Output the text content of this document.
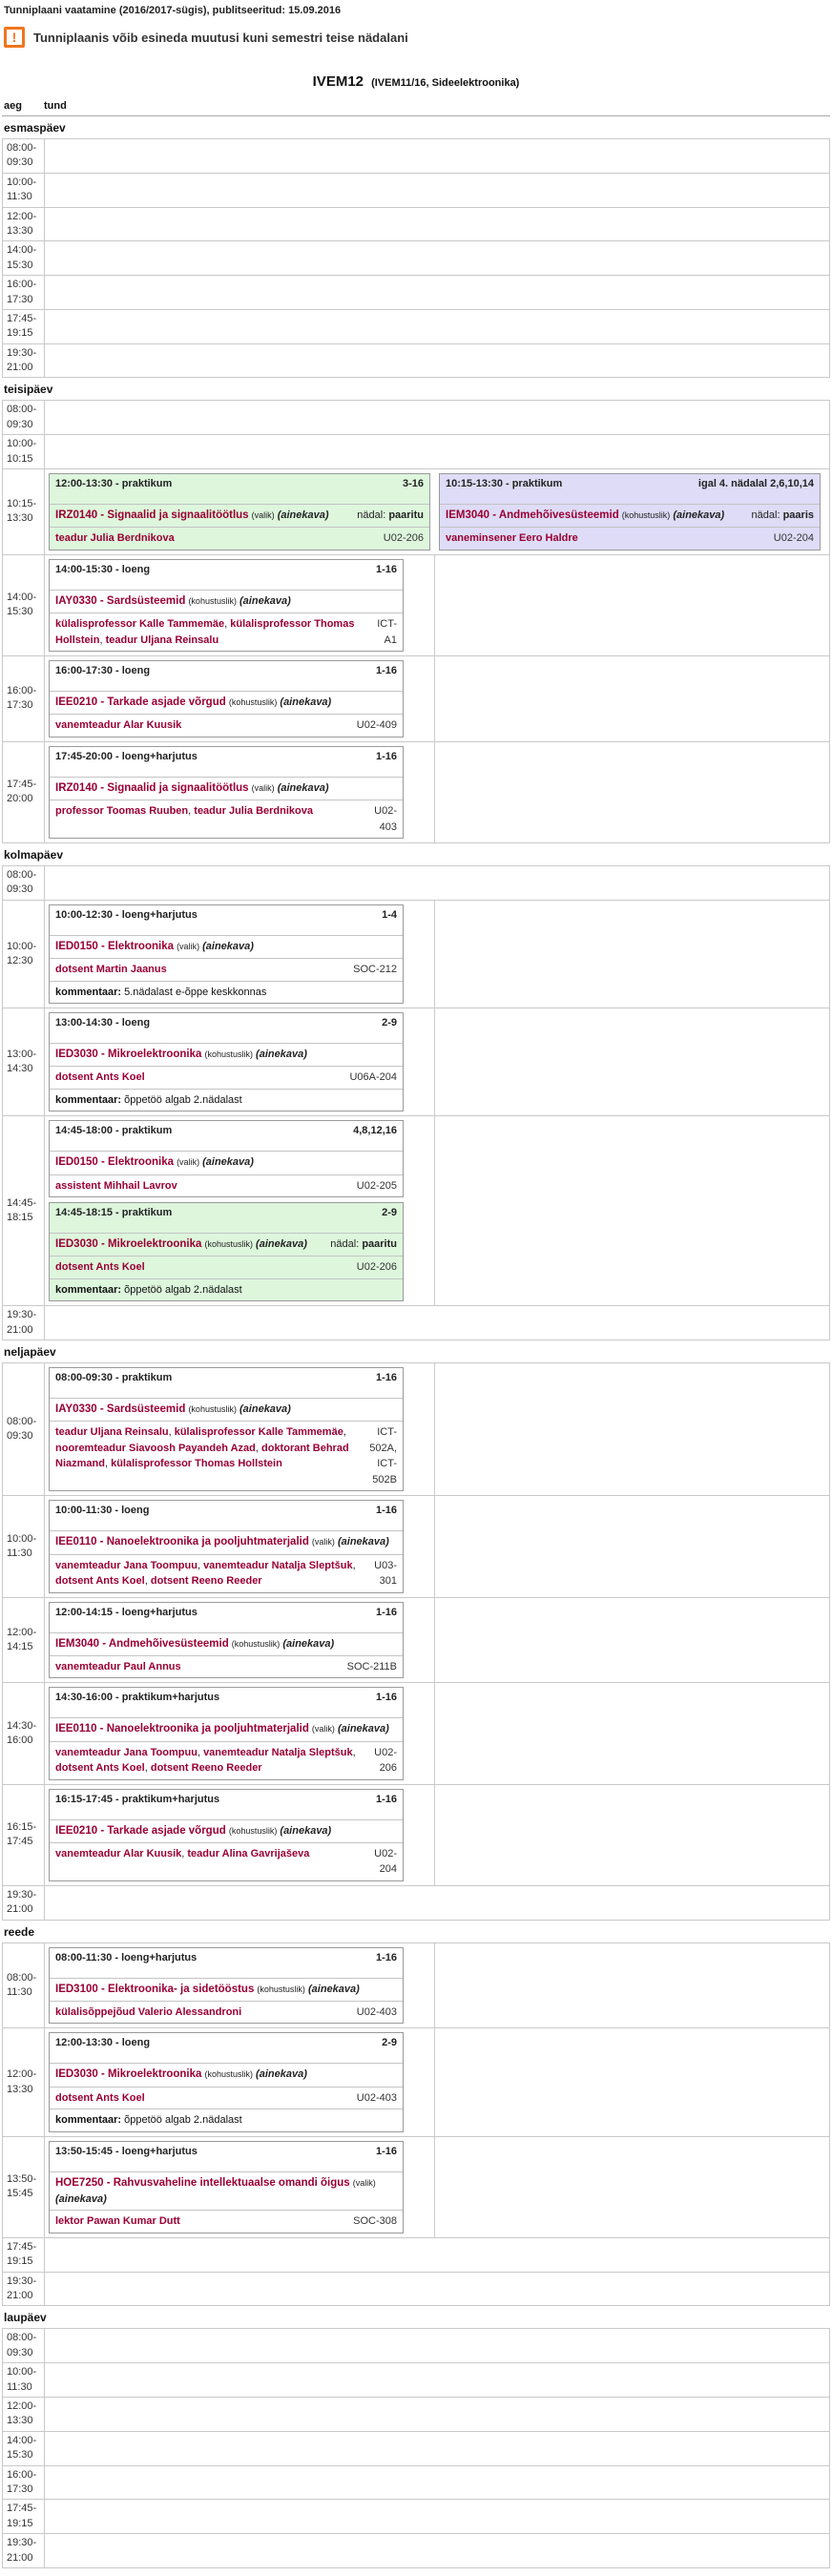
Tunniplaani vaatamine (2016/2017-sügis), publitseeritud: 15.09.2016
!	Tunniplaanis võib esineda muutusi kuni semestri teise nädalani
IVEM12 (IVEM11/16, Sideelektroonika)
aeg	tund
esmaspäev
08:00-
09:30
10:00-
11:30
12:00-
13:30
14:00-
15:30
16:00-
17:30
17:45-
19:15
19:30-
21:00
teisipäev
08:00-
09:30
10:00-
10:15
10:15-
13:30
12:00-13:30 - praktikum	3-16
IRZ0140 - Signaalid ja signaalitöötlus (valik) (ainekava)	nädal: paaritu
teadur Julia Berdnikova	U02-206
10:15-13:30 - praktikum	igal 4. nädalal 2,6,10,14
IEM3040 - Andmehõivesüsteemid (kohustuslik) (ainekava)	nädal: paaris
vaneminsener Eero Haldre	U02-204
14:00-
15:30
14:00-15:30 - loeng	1-16
IAY0330 - Sardsüsteemid (kohustuslik) (ainekava)
külalisprofessor Kalle Tammemäe, külalisprofessor Thomas Hollstein, teadur Uljana Reinsalu
ICT-A1
16:00-
17:30
16:00-17:30 - loeng	1-16
IEE0210 - Tarkade asjade võrgud (kohustuslik) (ainekava)
vanemteadur Alar Kuusik	U02-409
17:45-
20:00
17:45-20:00 - loeng+harjutus	1-16
IRZ0140 - Signaalid ja signaalitöötlus (valik) (ainekava)
professor Toomas Ruuben, teadur Julia Berdnikova	U02-403
kolmapäev
08:00-
09:30
10:00-
12:30
10:00-12:30 - loeng+harjutus	1-4
IED0150 - Elektroonika (valik) (ainekava)
dotsent Martin Jaanus	SOC-212
kommentaar: 5.nädalast e-õppe keskkonnas
13:00-
14:30
13:00-14:30 - loeng	2-9
IED3030 - Mikroelektroonika (kohustuslik) (ainekava)
dotsent Ants Koel	U06A-204
kommentaar: õppetöö algab 2.nädalast
14:45-
18:15
14:45-18:00 - praktikum	4,8,12,16
IED0150 - Elektroonika (valik) (ainekava)
assistent Mihhail Lavrov	U02-205
14:45-18:15 - praktikum	2-9
IED3030 - Mikroelektroonika (kohustuslik) (ainekava)	nädal: paaritu
dotsent Ants Koel	U02-206
kommentaar: õppetöö algab 2.nädalast
19:30-
21:00
neljapäev
08:00-
09:30
08:00-09:30 - praktikum	1-16
IAY0330 - Sardsüsteemid (kohustuslik) (ainekava)
teadur Uljana Reinsalu, külalisprofessor Kalle Tammemäe, nooremteadur Siavoosh Payandeh Azad, doktorant Behrad Niazmand, külalisprofessor Thomas Hollstein
ICT-502A, ICT-502B
10:00-
11:30
10:00-11:30 - loeng	1-16
IEE0110 - Nanoelektroonika ja pooljuhtmaterjalid (valik) (ainekava)
vanemteadur Jana Toompuu, vanemteadur Natalja Sleptšuk, dotsent Ants Koel, dotsent Reeno Reeder
U03-301
12:00-
14:15
12:00-14:15 - loeng+harjutus	1-16
IEM3040 - Andmehõivesüsteemid (kohustuslik) (ainekava)
vanemteadur Paul Annus	SOC-211B
14:30-
16:00
14:30-16:00 - praktikum+harjutus	1-16
IEE0110 - Nanoelektroonika ja pooljuhtmaterjalid (valik) (ainekava)
vanemteadur Jana Toompuu, vanemteadur Natalja Sleptšuk, dotsent Ants Koel, dotsent Reeno Reeder
U02-206
16:15-
17:45
16:15-17:45 - praktikum+harjutus	1-16
IEE0210 - Tarkade asjade võrgud (kohustuslik) (ainekava)
vanemteadur Alar Kuusik, teadur Alina Gavrijaševa	U02-204
19:30-
21:00
reede
08:00-
11:30
08:00-11:30 - loeng+harjutus	1-16
IED3100 - Elektroonika- ja sidetööstus (kohustuslik) (ainekava)
külalisõppejõud Valerio Alessandroni	U02-403
12:00-
13:30
12:00-13:30 - loeng	2-9
IED3030 - Mikroelektroonika (kohustuslik) (ainekava)
dotsent Ants Koel	U02-403
kommentaar: õppetöö algab 2.nädalast
13:50-
15:45
13:50-15:45 - loeng+harjutus	1-16
HOE7250 - Rahvusvaheline intellektuaalse omandi õigus (valik) (ainekava)
lektor Pawan Kumar Dutt	SOC-308
17:45-
19:15
19:30-
21:00
laupäev
08:00-
09:30
10:00-
11:30
12:00-
13:30
14:00-
15:30
16:00-
17:30
17:45-
19:15
19:30-
21:00
